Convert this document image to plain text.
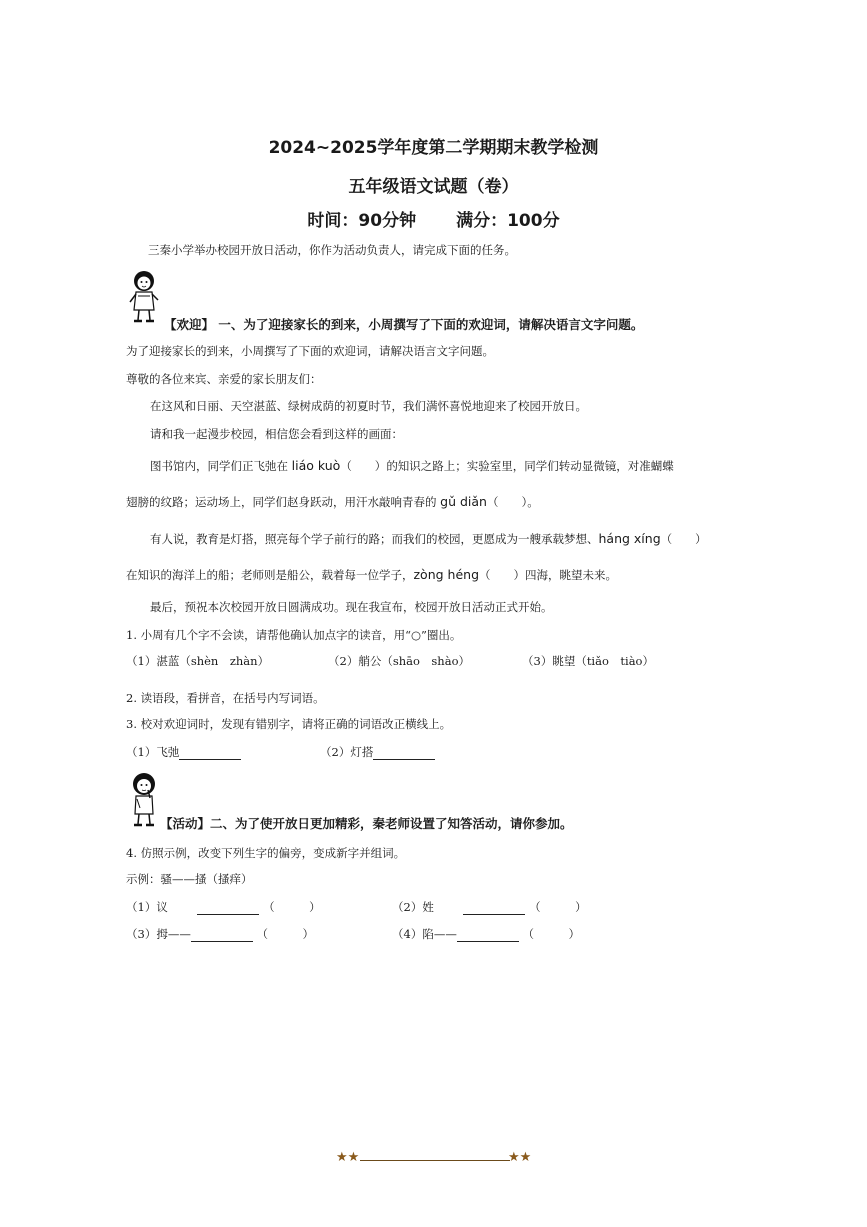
2024~2025学年度第二学期期末教学检测
五年级语文试题（卷）
时间：90分钟 满分：100分
三秦小学举办校园开放日活动，你作为活动负责人，请完成下面的任务。
【欢迎】 一、为了迎接家长的到来，小周撰写了下面的欢迎词，请解决语言文字问题。
为了迎接家长的到来，小周撰写了下面的欢迎词，请解决语言文字问题。
尊敬的各位来宾、亲爱的家长朋友们：
在这风和日丽、天空湛蓝、绿树成荫的初夏时节，我们满怀喜悦地迎来了校园开放日。
请和我一起漫步校园，相信您会看到这样的画面：
图书馆内，同学们正飞弛在 liáo kuò（　　）的知识之路上；实验室里，同学们转动显微镜，对准蝴蝶
翅膀的纹路；运动场上，同学们赵身跃动，用汗水敲响青春的 gǔ diǎn（　　）。
有人说，教育是灯搭，照亮每个学子前行的路；而我们的校园，更愿成为一艘承载梦想、háng xíng（　　）
在知识的海洋上的船；老师则是船公，载着每一位学子，zòng héng（　　）四海，眺望未来。
最后，预祝本次校园开放日圆满成功。现在我宣布，校园开放日活动正式开始。
1. 小周有几个字不会读，请帮他确认加点字的读音，用“○”圈出。
（1）湛蓝（shèn　zhàn）	（2）艄公（shāo　shào）	（3）眺望（tiǎo　tiào）
2. 读语段，看拼音，在括号内写词语。
3. 校对欢迎词时，发现有错别字，请将正确的词语改正横线上。
（1）飞弛	（2）灯搭
【活动】二、为了使开放日更加精彩，秦老师设置了知答活动，请你参加。
4. 仿照示例，改变下列生字的偏旁，变成新字并组词。
示例：骚——搔（搔痒）
（1）议	（　　　）	（2）姓	（　　　）
（3）拇——	（　　　）	（4）陷——	（　　　）
★★	★★
